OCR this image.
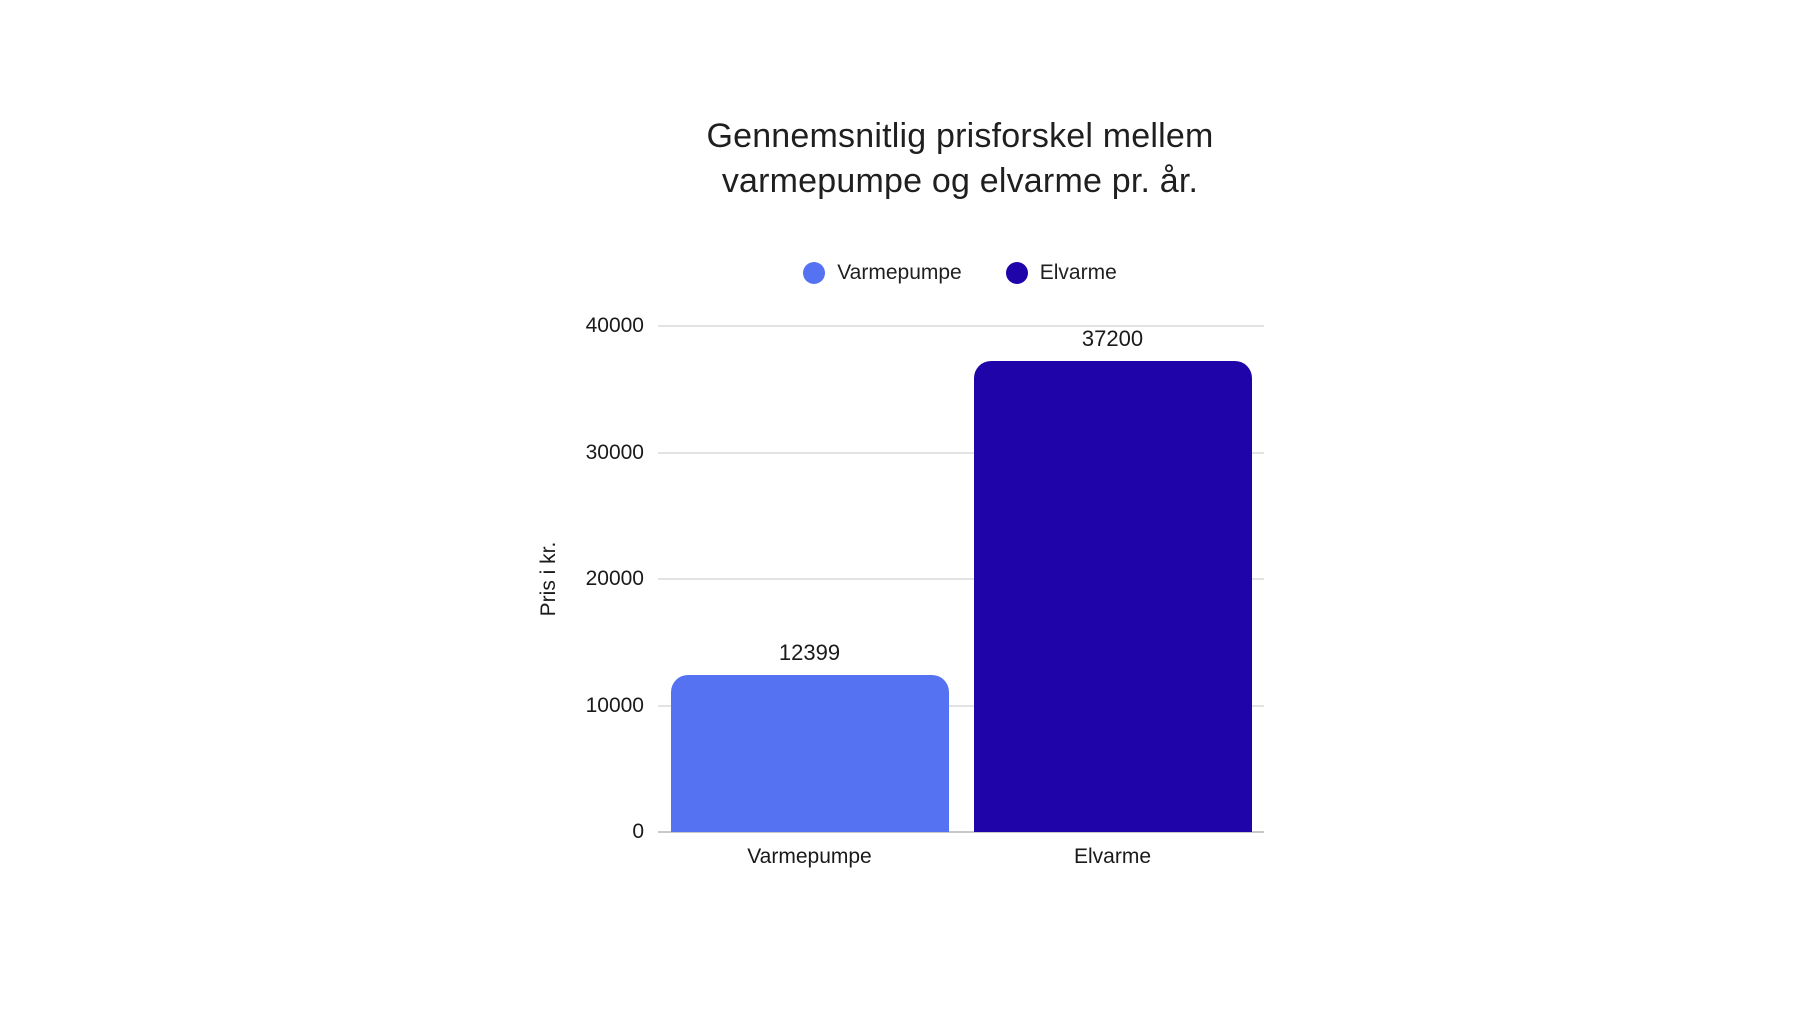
Gennemsnitlig prisforskel mellem
varmepumpe og elvarme pr. år.
Varmepumpe	Elvarme
Pris i kr.
0
10000
20000
30000
40000
12399
37200
Varmepumpe	Elvarme
